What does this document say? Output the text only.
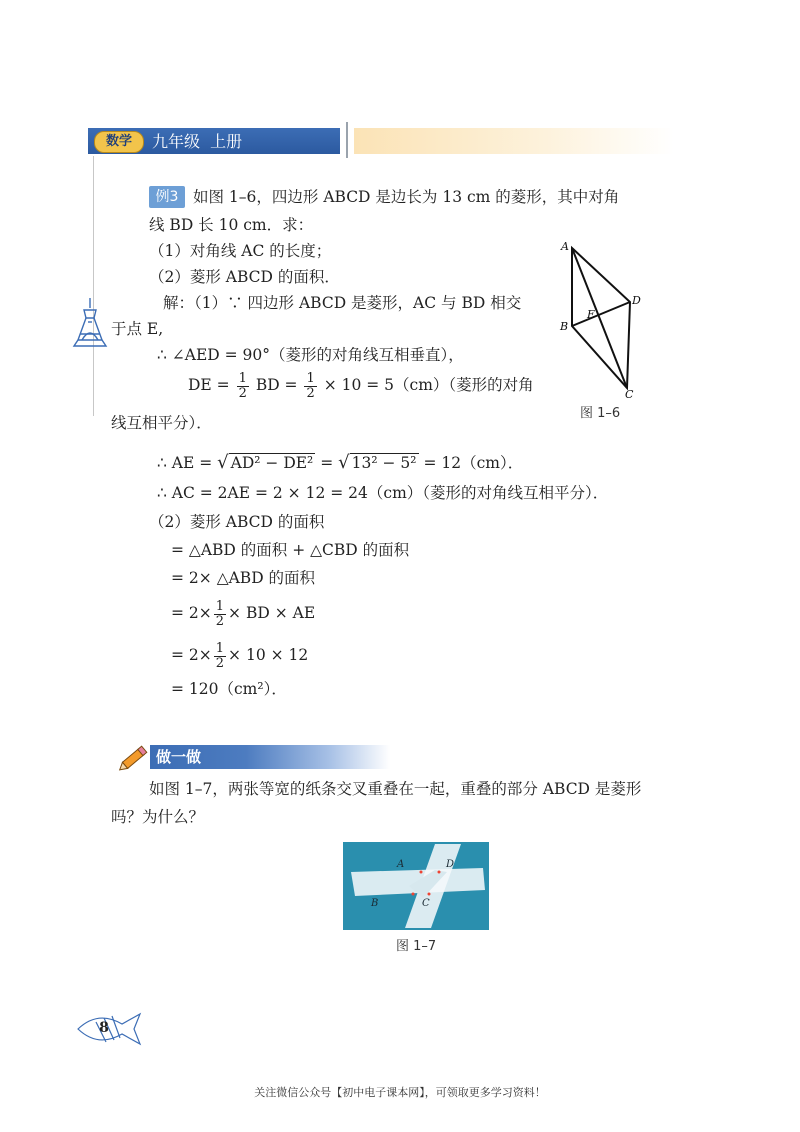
数学	九年级  上册
例3 如图 1–6，四边形 ABCD 是边长为 13 cm 的菱形，其中对角
线 BD 长 10 cm．求：
（1）对角线 AC 的长度；
（2）菱形 ABCD 的面积．
解：（1）∵ 四边形 ABCD 是菱形，AC 与 BD 相交
于点 E,
∴ ∠AED = 90°（菱形的对角线互相垂直），
DE = $\frac{1}{2}$ BD = $\frac{1}{2} \times 10 = 5(cm)$（菱形的对角
线互相平分）．
∴ AE = √ AD² − DE² = √ 13² − 5² = 12（cm）．
∴ AC = 2AE = 2 × 12 = 24（cm）（菱形的对角线互相平分）．
（2）菱形 ABCD 的面积
= △ABD 的面积 + △CBD 的面积
= 2× △ABD 的面积
= $2\times \frac{1}{2}$ × BD × AE
= $2\times \frac{1}{2} \times 10 \times 12$
= 120（cm²）．
A
D
B
C
E
图 1–6
做一做
如图 1–7，两张等宽的纸条交叉重叠在一起，重叠的部分 ABCD 是菱形
吗？为什么？
A	D
B	C
图 1–7
8
关注微信公众号【初中电子课本网】，可领取更多学习资料！
